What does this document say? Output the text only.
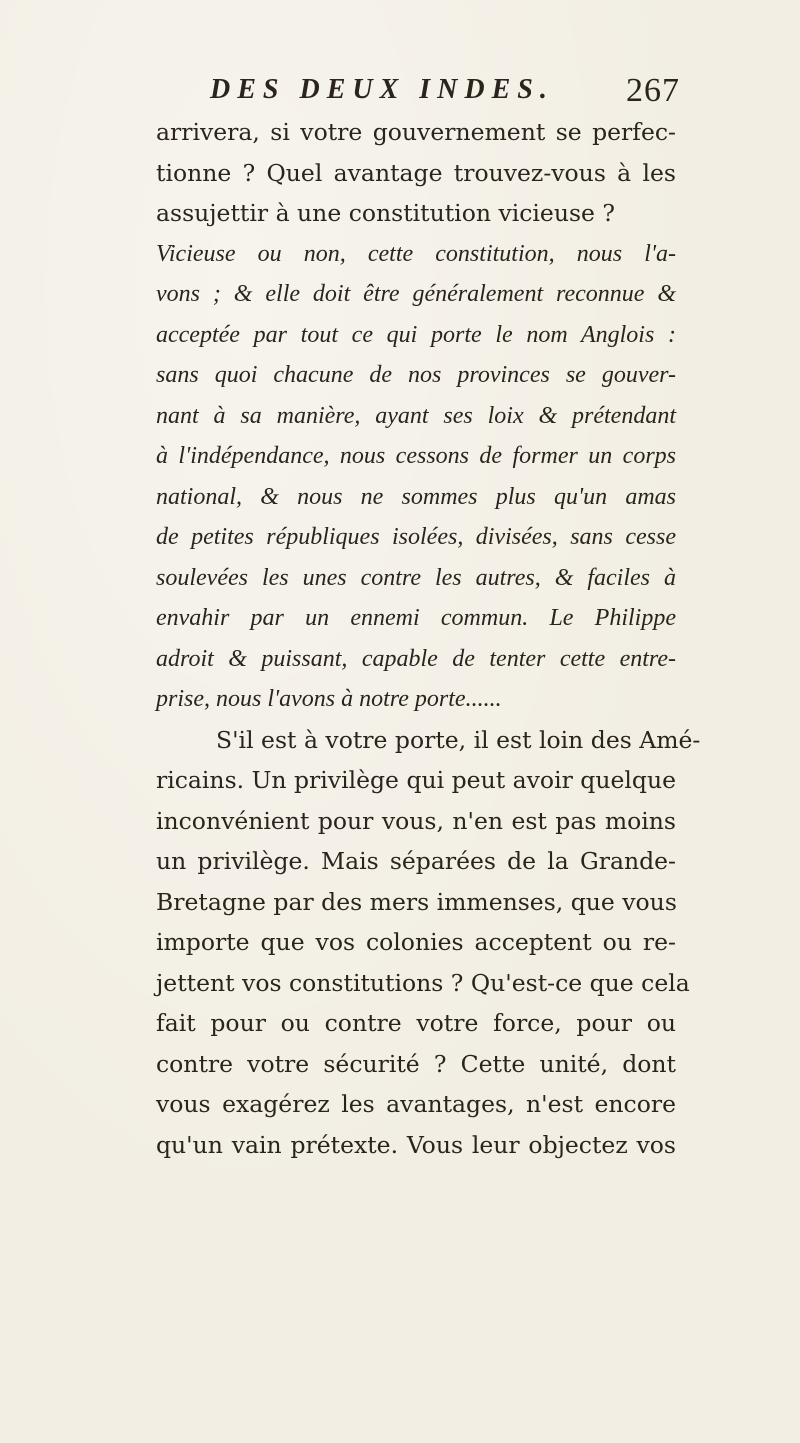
DES DEUX INDES. 267
arrivera, si votre gouvernement se perfec-
tionne ? Quel avantage trouvez-vous à les
assujettir à une constitution vicieuse ?
Vicieuse ou non, cette constitution, nous l'a-
vons ; & elle doit être généralement reconnue &
acceptée par tout ce qui porte le nom Anglois :
sans quoi chacune de nos provinces se gouver-
nant à sa manière, ayant ses loix & prétendant
à l'indépendance, nous cessons de former un corps
national, & nous ne sommes plus qu'un amas
de petites républiques isolées, divisées, sans cesse
soulevées les unes contre les autres, & faciles à
envahir par un ennemi commun. Le Philippe
adroit & puissant, capable de tenter cette entre-
prise, nous l'avons à notre porte......
S'il est à votre porte, il est loin des Amé-
ricains. Un privilège qui peut avoir quelque
inconvénient pour vous, n'en est pas moins
un privilège. Mais séparées de la Grande-
Bretagne par des mers immenses, que vous
importe que vos colonies acceptent ou re-
jettent vos constitutions ? Qu'est-ce que cela
fait pour ou contre votre force, pour ou
contre votre sécurité ? Cette unité, dont
vous exagérez les avantages, n'est encore
qu'un vain prétexte. Vous leur objectez vos
